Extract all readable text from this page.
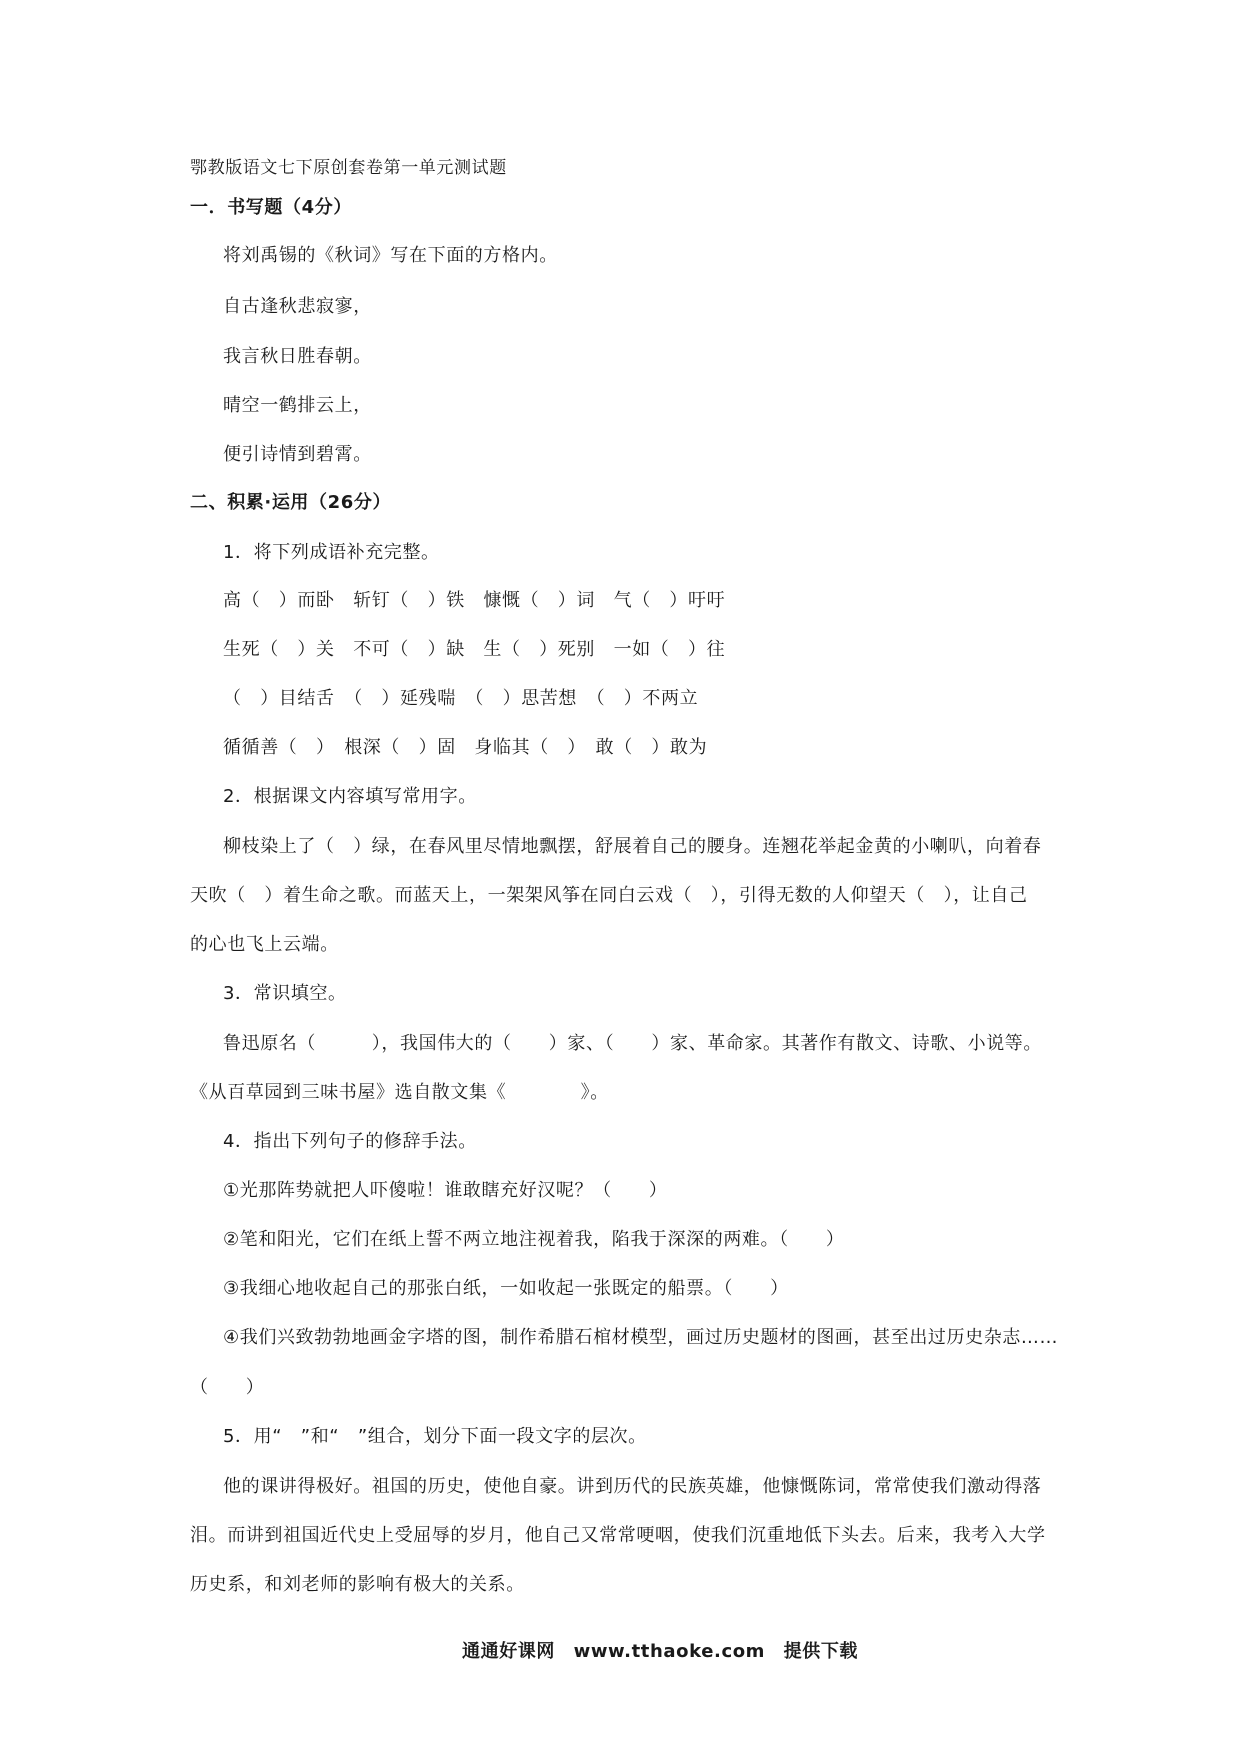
鄂教版语文七下原创套卷第一单元测试题
一．书写题（4分）
将刘禹锡的《秋词》写在下面的方格内。
自古逢秋悲寂寥，
我言秋日胜春朝。
晴空一鹤排云上，
便引诗情到碧霄。
二、积累·运用（26分）
1．将下列成语补充完整。
高（　）而卧　斩钉（　）铁　慷慨（　）词　气（　）吁吁
生死（　）关　不可（　）缺　生（　）死别　一如（　）往
（　）目结舌　（　）延残喘　（　）思苦想　（　）不两立
循循善（　）　根深（　）固　身临其（　）　敢（　）敢为
2．根据课文内容填写常用字。
柳枝染上了（　）绿，在春风里尽情地飘摆，舒展着自己的腰身。连翘花举起金黄的小喇叭，向着春
天吹（　）着生命之歌。而蓝天上，一架架风筝在同白云戏（　），引得无数的人仰望天（　），让自己
的心也飞上云端。
3．常识填空。
鲁迅原名（　　　），我国伟大的（　　）家、（　　）家、革命家。其著作有散文、诗歌、小说等。
《从百草园到三味书屋》选自散文集《　　　　》。
4．指出下列句子的修辞手法。
①光那阵势就把人吓傻啦！谁敢瞎充好汉呢？（　　）
②笔和阳光，它们在纸上誓不两立地注视着我，陷我于深深的两难。（　　）
③我细心地收起自己的那张白纸，一如收起一张既定的船票。（　　）
④我们兴致勃勃地画金字塔的图，制作希腊石棺材模型，画过历史题材的图画，甚至出过历史杂志……
（　　）
5．用“　”和“　”组合，划分下面一段文字的层次。
他的课讲得极好。祖国的历史，使他自豪。讲到历代的民族英雄，他慷慨陈词，常常使我们激动得落
泪。而讲到祖国近代史上受屈辱的岁月，他自己又常常哽咽，使我们沉重地低下头去。后来，我考入大学
历史系，和刘老师的影响有极大的关系。
通通好课网　www.tthaoke.com　提供下载
